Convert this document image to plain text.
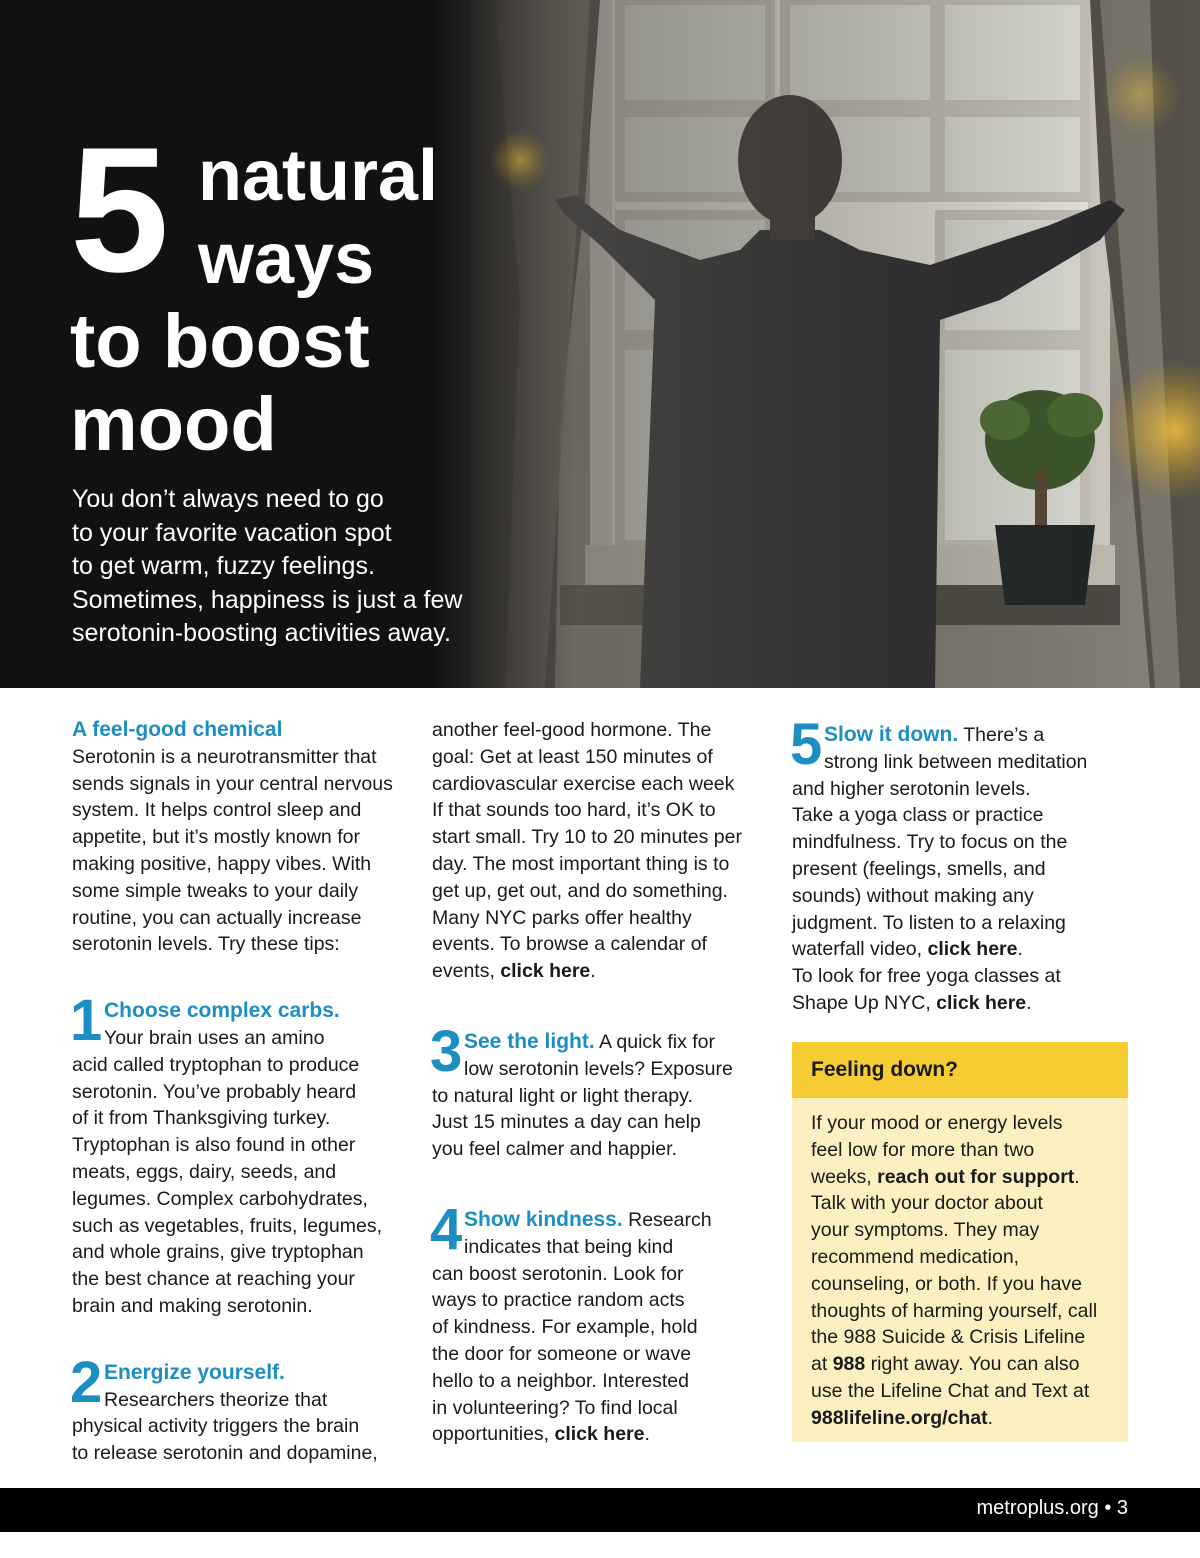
5 natural
ways
to boost
mood
You don’t always need to go
to your favorite vacation spot
to get warm, fuzzy feelings.
Sometimes, happiness is just a few
serotonin-boosting activities away.
A feel-good chemical
Serotonin is a neurotransmitter that
sends signals in your central nervous
system. It helps control sleep and
appetite, but it’s mostly known for
making positive, happy vibes. With
some simple tweaks to your daily
routine, you can actually increase
serotonin levels. Try these tips:
1 Choose complex carbs.
Your brain uses an amino
acid called tryptophan to produce
serotonin. You’ve probably heard
of it from Thanksgiving turkey.
Tryptophan is also found in other
meats, eggs, dairy, seeds, and
legumes. Complex carbohydrates,
such as vegetables, fruits, legumes,
and whole grains, give tryptophan
the best chance at reaching your
brain and making serotonin.
2 Energize yourself.
Researchers theorize that
physical activity triggers the brain
to release serotonin and dopamine,
another feel-good hormone. The
goal: Get at least 150 minutes of
cardiovascular exercise each week
If that sounds too hard, it’s OK to
start small. Try 10 to 20 minutes per
day. The most important thing is to
get up, get out, and do something.
Many NYC parks offer healthy
events. To browse a calendar of
events, click here.
3 See the light. A quick fix for
low serotonin levels? Exposure
to natural light or light therapy.
Just 15 minutes a day can help
you feel calmer and happier.
4 Show kindness. Research
indicates that being kind
can boost serotonin. Look for
ways to practice random acts
of kindness. For example, hold
the door for someone or wave
hello to a neighbor. Interested
in volunteering? To find local
opportunities, click here.
5 Slow it down. There’s a
strong link between meditation
and higher serotonin levels.
Take a yoga class or practice
mindfulness. Try to focus on the
present (feelings, smells, and
sounds) without making any
judgment. To listen to a relaxing
waterfall video, click here.
To look for free yoga classes at
Shape Up NYC, click here.
Feeling down?
If your mood or energy levels
feel low for more than two
weeks, reach out for support.
Talk with your doctor about
your symptoms. They may
recommend medication,
counseling, or both. If you have
thoughts of harming yourself, call
the 988 Suicide & Crisis Lifeline
at 988 right away. You can also
use the Lifeline Chat and Text at
988lifeline.org/chat.
metroplus.org • 3
